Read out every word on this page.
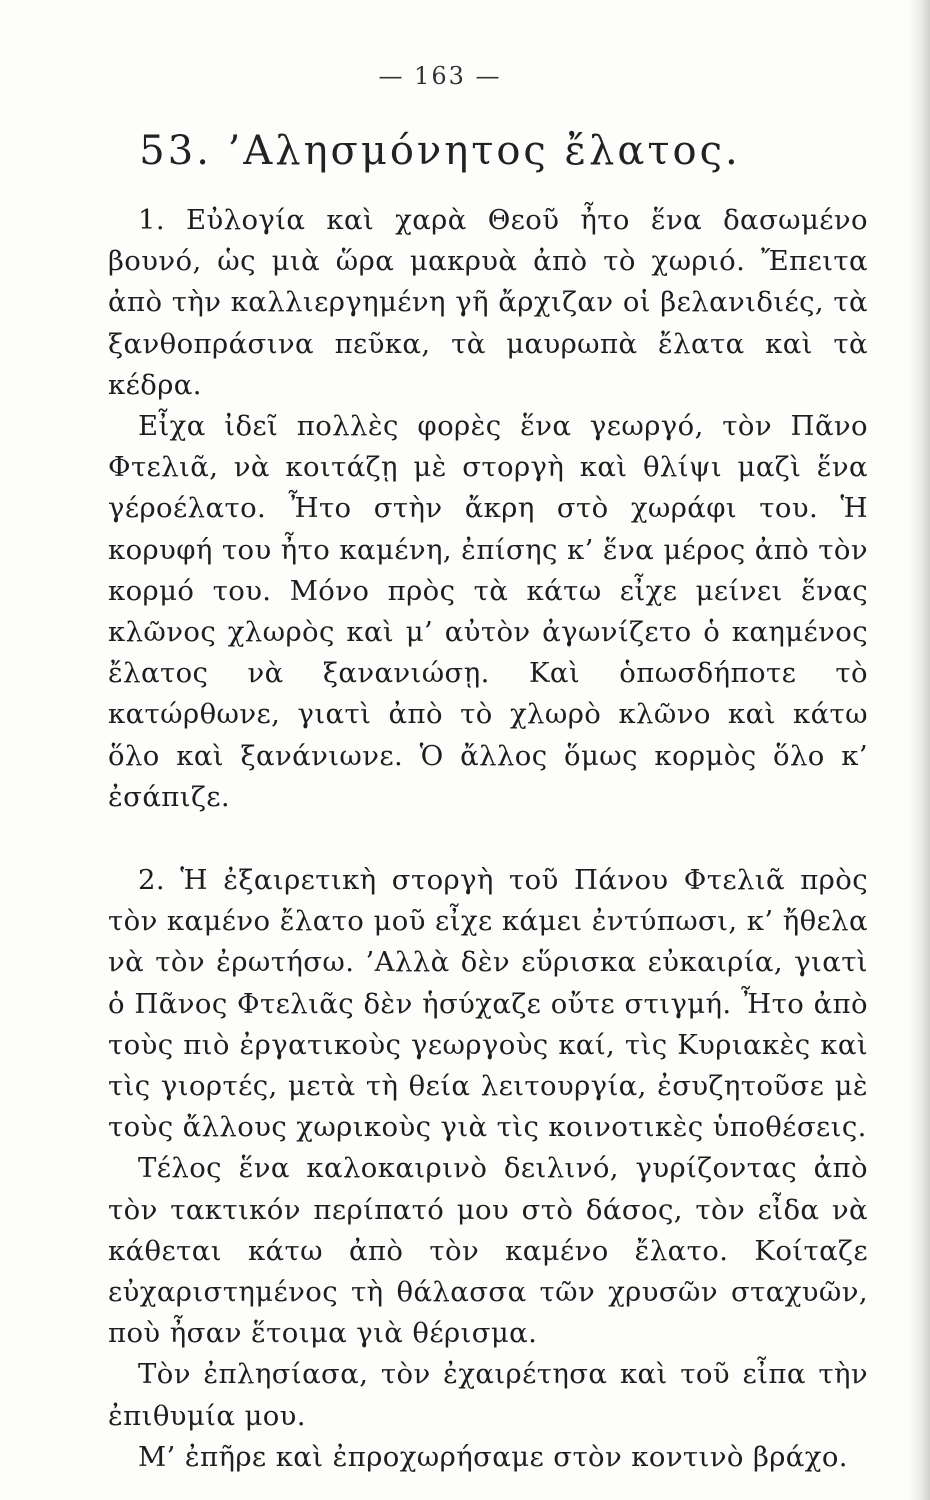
— 163 —
53. ’Αλησμόνητος ἔλατος.

1. Εὐλογία καὶ χαρὰ Θεοῦ ἦτο ἕνα δασωμένο βουνό, ὡς μιὰ ὥρα μακρυὰ ἀπὸ τὸ χωριό. Ἔπειτα ἀπὸ τὴν καλλιεργημένη γῆ ἄρχιζαν οἱ βελανιδιές, τὰ ξανθοπράσινα πεῦκα, τὰ μαυρωπὰ ἔλατα καὶ τὰ κέδρα.

Εἶχα ἰδεῖ πολλὲς φορὲς ἕνα γεωργό, τὸν Πᾶνο Φτελιᾶ, νὰ κοιτάζῃ μὲ στοργὴ καὶ θλίψι μαζὶ ἕνα γέροέλατο. Ἦτο στὴν ἄκρη στὸ χωράφι του. Ἡ κορυφή του ἦτο καμένη, ἐπίσης κ’ ἕνα μέρος ἀπὸ τὸν κορμό του. Μόνο πρὸς τὰ κάτω εἶχε μείνει ἕνας κλῶνος χλωρὸς καὶ μ’ αὐτὸν ἀγωνίζετο ὁ καημένος ἔλατος νὰ ξανανιώσῃ. Καὶ ὁπωσδήποτε τὸ κατώρθωνε, γιατὶ ἀπὸ τὸ χλωρὸ κλῶνο καὶ κάτω ὅλο καὶ ξανάνιωνε. Ὁ ἄλλος ὅμως κορμὸς ὅλο κ’ ἐσάπιζε.

2. Ἡ ἐξαιρετικὴ στοργὴ τοῦ Πάνου Φτελιᾶ πρὸς τὸν καμένο ἔλατο μοῦ εἶχε κάμει ἐντύπωσι, κ’ ἤθελα νὰ τὸν ἐρωτήσω. ’Αλλὰ δὲν εὕρισκα εὐκαιρία, γιατὶ ὁ Πᾶνος Φτελιᾶς δὲν ἡσύχαζε οὔτε στιγμή. Ἦτο ἀπὸ τοὺς πιὸ ἐργατικοὺς γεωργοὺς καί, τὶς Κυριακὲς καὶ τὶς γιορτές, μετὰ τὴ θεία λειτουργία, ἐσυζητοῦσε μὲ τοὺς ἄλλους χωρικοὺς γιὰ τὶς κοινοτικὲς ὑποθέσεις.

Τέλος ἕνα καλοκαιρινὸ δειλινό, γυρίζοντας ἀπὸ τὸν τακτικόν περίπατό μου στὸ δάσος, τὸν εἶδα νὰ κάθεται κάτω ἀπὸ τὸν καμένο ἔλατο. Κοίταζε εὐχαριστημένος τὴ θάλασσα τῶν χρυσῶν σταχυῶν, ποὺ ἦσαν ἕτοιμα γιὰ θέρισμα.

Τὸν ἐπλησίασα, τὸν ἐχαιρέτησα καὶ τοῦ εἶπα τὴν ἐπιθυμία μου.

Μ’ ἐπῆρε καὶ ἐπροχωρήσαμε στὸν κοντινὸ βράχο.
